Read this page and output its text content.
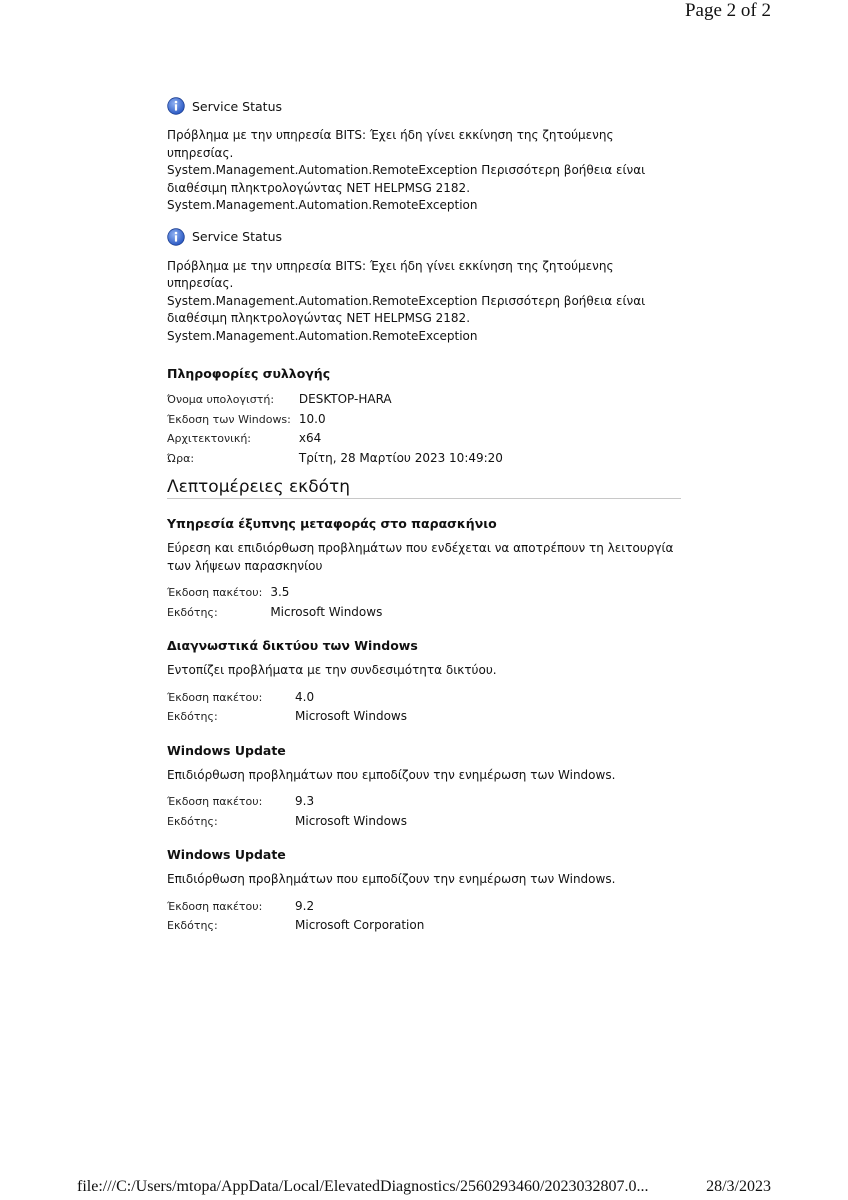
Page 2 of 2
Service Status
Πρόβλημα με την υπηρεσία BITS: Έχει ήδη γίνει εκκίνηση της ζητούμενης υπηρεσίας.
System.Management.Automation.RemoteException Περισσότερη βοήθεια είναι διαθέσιμη πληκτρολογώντας NET HELPMSG 2182.
System.Management.Automation.RemoteException
Service Status
Πρόβλημα με την υπηρεσία BITS: Έχει ήδη γίνει εκκίνηση της ζητούμενης υπηρεσίας.
System.Management.Automation.RemoteException Περισσότερη βοήθεια είναι διαθέσιμη πληκτρολογώντας NET HELPMSG 2182.
System.Management.Automation.RemoteException

Πληροφορίες συλλογής

Όνομα υπολογιστή:	DESKTOP-HARA
Έκδοση των Windows:	10.0
Αρχιτεκτονική:	x64
Ώρα:	Τρίτη, 28 Μαρτίου 2023 10:49:20
Λεπτομέρειες εκδότη

Υπηρεσία έξυπνης μεταφοράς στο παρασκήνιο

Εύρεση και επιδιόρθωση προβλημάτων που ενδέχεται να αποτρέπουν τη λειτουργία των λήψεων παρασκηνίου
Έκδοση πακέτου:	3.5
Εκδότης:	Microsoft Windows

Διαγνωστικά δικτύου των Windows

Εντοπίζει προβλήματα με την συνδεσιμότητα δικτύου.
Έκδοση πακέτου:	4.0
Εκδότης:	Microsoft Windows

Windows Update

Επιδιόρθωση προβλημάτων που εμποδίζουν την ενημέρωση των Windows.
Έκδοση πακέτου:	9.3
Εκδότης:	Microsoft Windows

Windows Update

Επιδιόρθωση προβλημάτων που εμποδίζουν την ενημέρωση των Windows.
Έκδοση πακέτου:	9.2
Εκδότης:	Microsoft Corporation
file:///C:/Users/mtopa/AppData/Local/ElevatedDiagnostics/2560293460/2023032807.0...	28/3/2023
